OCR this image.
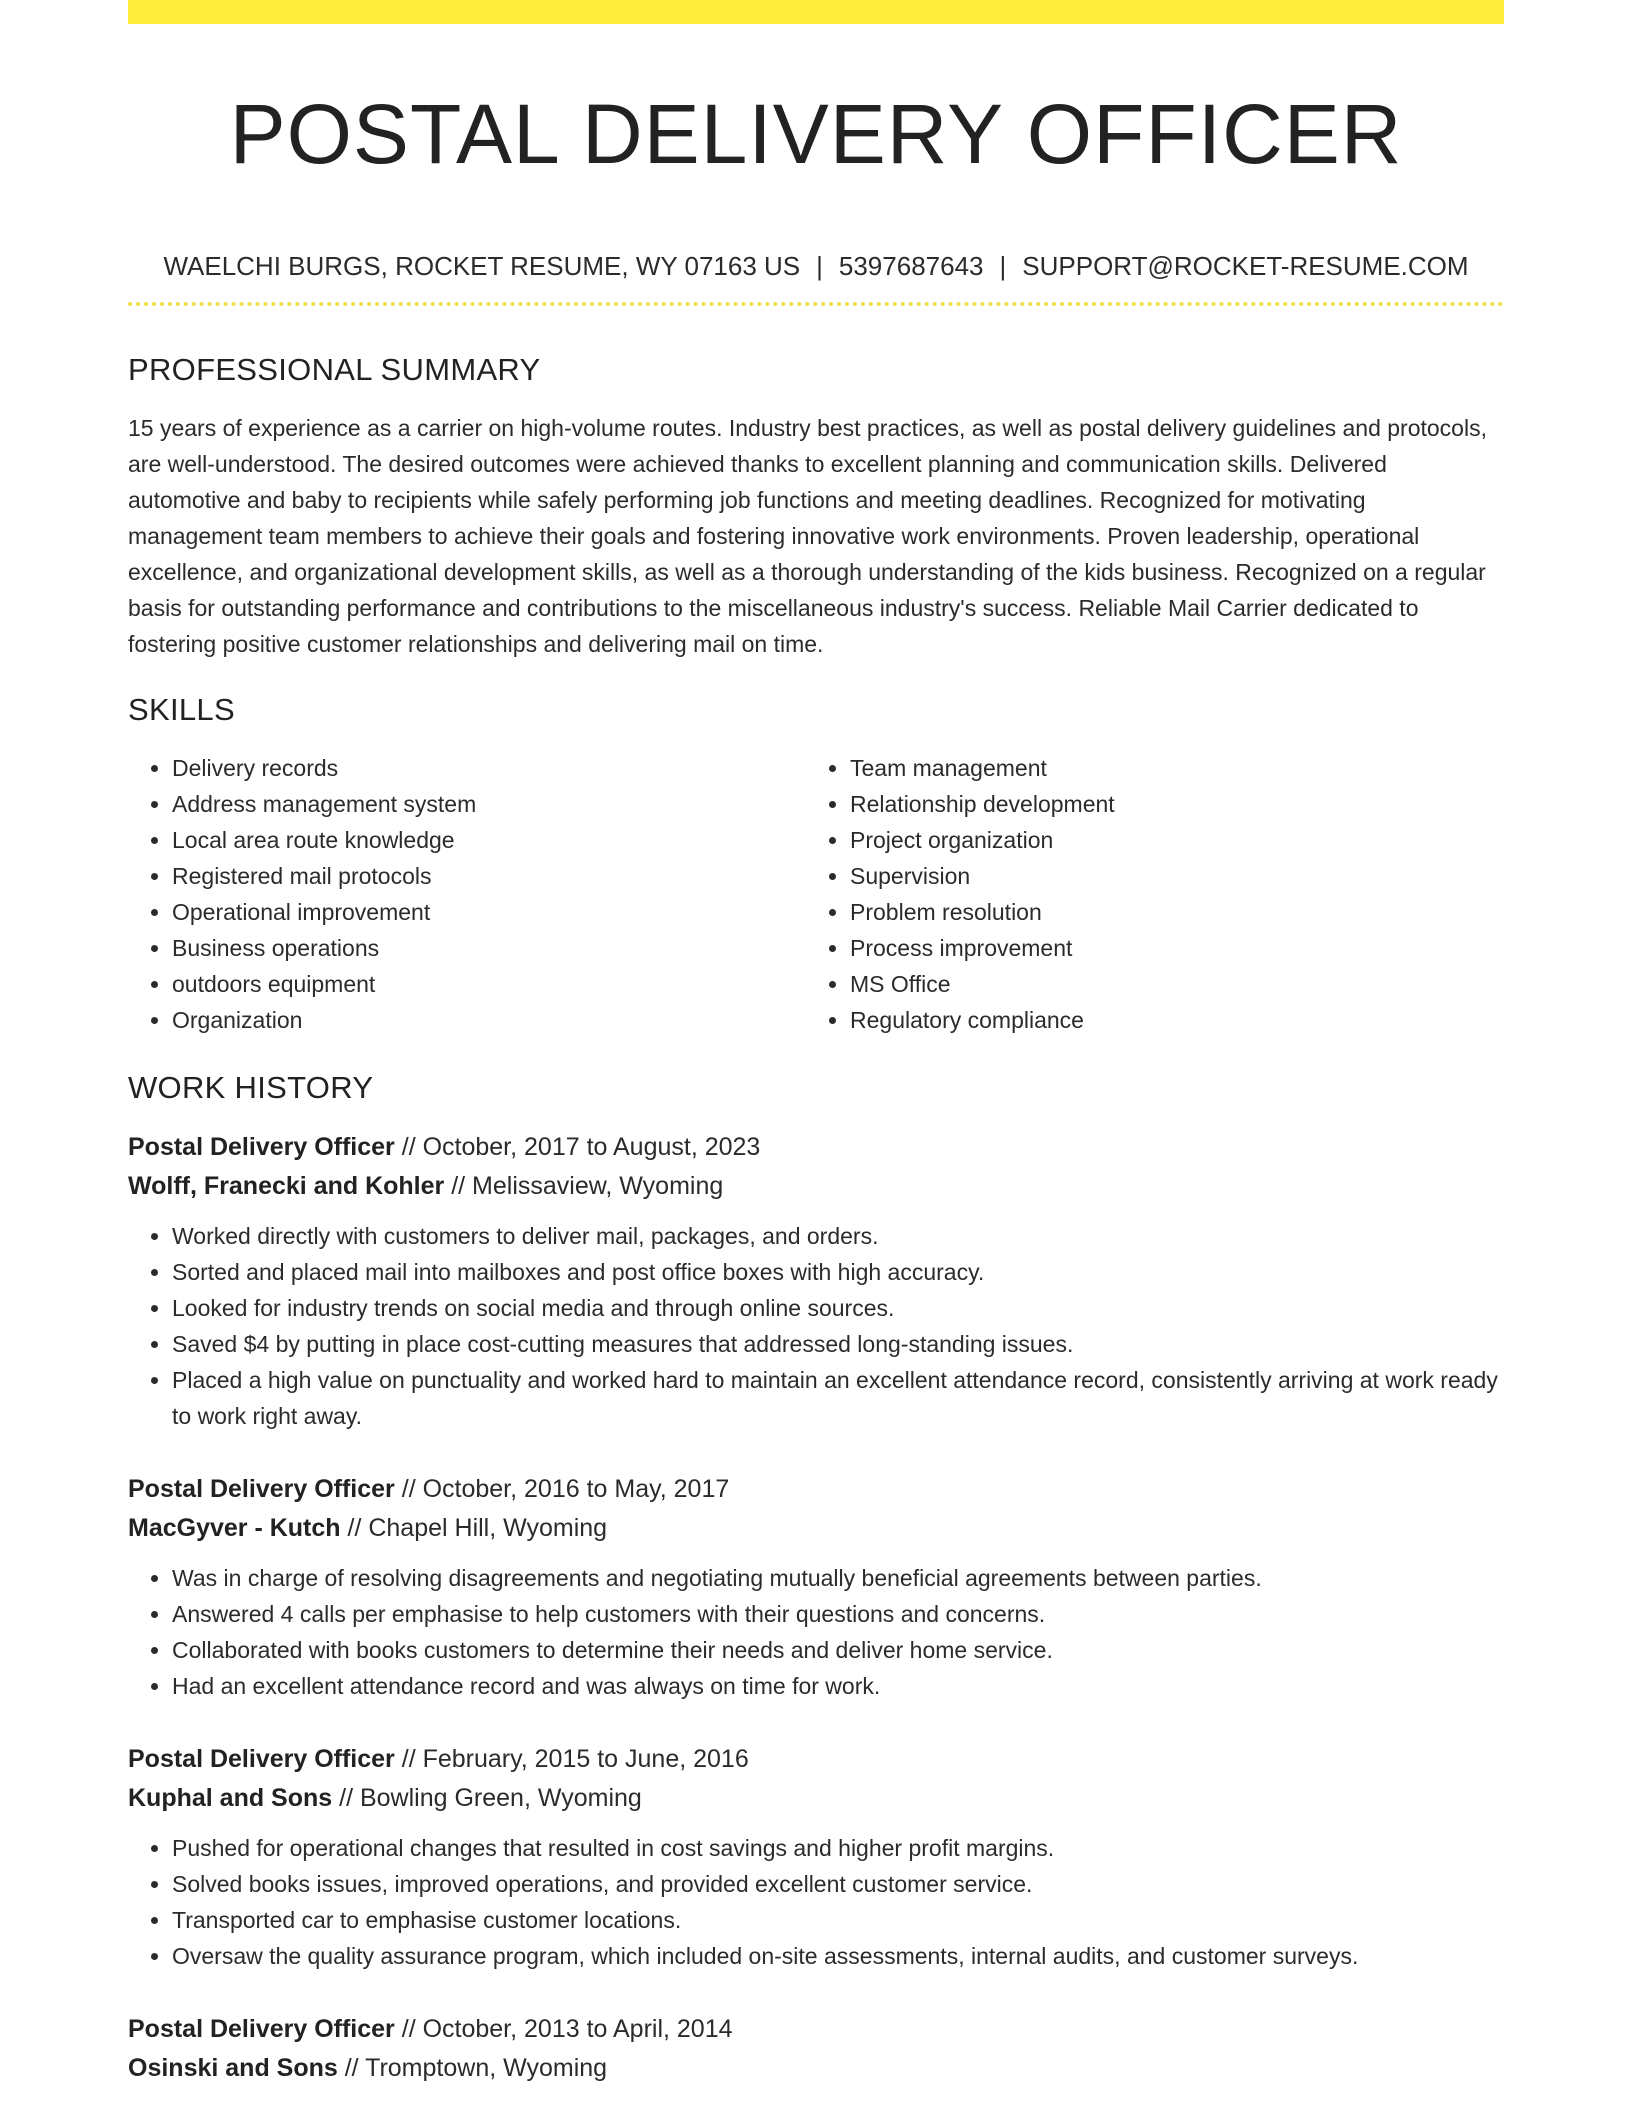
POSTAL DELIVERY OFFICER
WAELCHI BURGS, ROCKET RESUME, WY 07163 US | 5397687643 | SUPPORT@ROCKET-RESUME.COM
PROFESSIONAL SUMMARY

15 years of experience as a carrier on high-volume routes. Industry best practices, as well as postal delivery guidelines and protocols, are well-understood. The desired outcomes were achieved thanks to excellent planning and communication skills. Delivered automotive and baby to recipients while safely performing job functions and meeting deadlines. Recognized for motivating management team members to achieve their goals and fostering innovative work environments. Proven leadership, operational excellence, and organizational development skills, as well as a thorough understanding of the kids business. Recognized on a regular basis for outstanding performance and contributions to the miscellaneous industry's success. Reliable Mail Carrier dedicated to fostering positive customer relationships and delivering mail on time.

SKILLS
• Delivery records
• Address management system
• Local area route knowledge
• Registered mail protocols
• Operational improvement
• Business operations
• outdoors equipment
• Organization
• Team management
• Relationship development
• Project organization
• Supervision
• Problem resolution
• Process improvement
• MS Office
• Regulatory compliance
WORK HISTORY
Postal Delivery Officer // October, 2017 to August, 2023
Wolff, Franecki and Kohler // Melissaview, Wyoming
• Worked directly with customers to deliver mail, packages, and orders.
• Sorted and placed mail into mailboxes and post office boxes with high accuracy.
• Looked for industry trends on social media and through online sources.
• Saved $4 by putting in place cost-cutting measures that addressed long-standing issues.
• Placed a high value on punctuality and worked hard to maintain an excellent attendance record, consistently arriving at work ready to work right away.
Postal Delivery Officer // October, 2016 to May, 2017
MacGyver - Kutch // Chapel Hill, Wyoming
• Was in charge of resolving disagreements and negotiating mutually beneficial agreements between parties.
• Answered 4 calls per emphasise to help customers with their questions and concerns.
• Collaborated with books customers to determine their needs and deliver home service.
• Had an excellent attendance record and was always on time for work.
Postal Delivery Officer // February, 2015 to June, 2016
Kuphal and Sons // Bowling Green, Wyoming
• Pushed for operational changes that resulted in cost savings and higher profit margins.
• Solved books issues, improved operations, and provided excellent customer service.
• Transported car to emphasise customer locations.
• Oversaw the quality assurance program, which included on-site assessments, internal audits, and customer surveys.
Postal Delivery Officer // October, 2013 to April, 2014
Osinski and Sons // Tromptown, Wyoming
